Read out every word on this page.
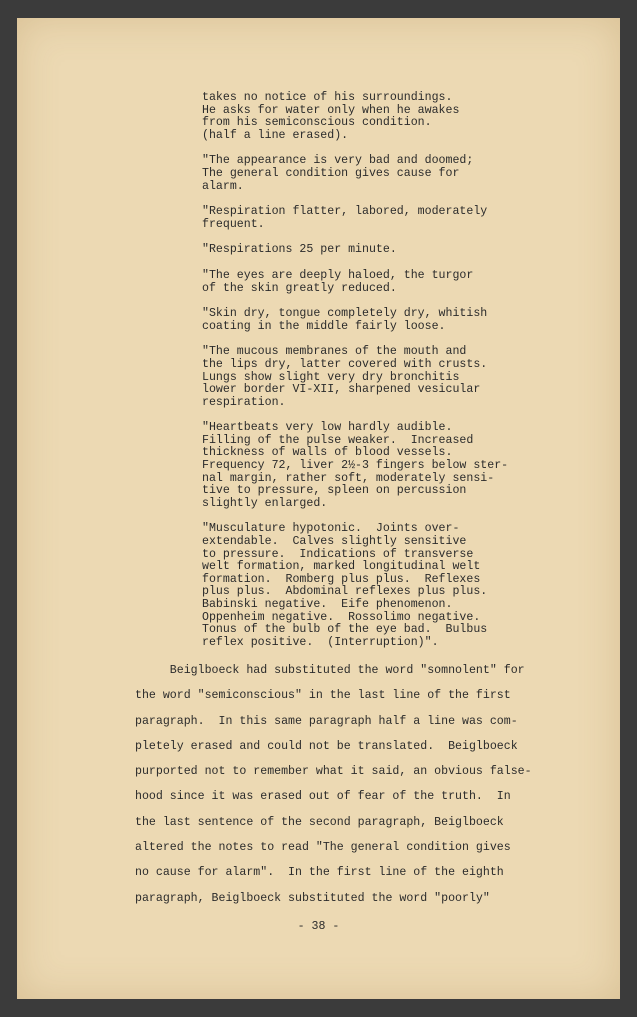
takes no notice of his surroundings.
He asks for water only when he awakes
from his semiconscious condition.
(half a line erased).

"The appearance is very bad and doomed;
The general condition gives cause for
alarm.

"Respiration flatter, labored, moderately
frequent.

"Respirations 25 per minute.

"The eyes are deeply haloed, the turgor
of the skin greatly reduced.

"Skin dry, tongue completely dry, whitish
coating in the middle fairly loose.

"The mucous membranes of the mouth and
the lips dry, latter covered with crusts.
Lungs show slight very dry bronchitis
lower border VI-XII, sharpened vesicular
respiration.

"Heartbeats very low hardly audible.
Filling of the pulse weaker.  Increased
thickness of walls of blood vessels.
Frequency 72, liver 2½-3 fingers below ster-
nal margin, rather soft, moderately sensi-
tive to pressure, spleen on percussion
slightly enlarged.

"Musculature hypotonic.  Joints over-
extendable.  Calves slightly sensitive
to pressure.  Indications of transverse
welt formation, marked longitudinal welt
formation.  Romberg plus plus.  Reflexes
plus plus.  Abdominal reflexes plus plus.
Babinski negative.  Eife phenomenon.
Oppenheim negative.  Rossolimo negative.
Tonus of the bulb of the eye bad.  Bulbus
reflex positive.  (Interruption)".

Beiglboeck had substituted the word "somnolent" for
the word "semiconscious" in the last line of the first
paragraph.  In this same paragraph half a line was com-
pletely erased and could not be translated.  Beiglboeck
purported not to remember what it said, an obvious false-
hood since it was erased out of fear of the truth.  In
the last sentence of the second paragraph, Beiglboeck
altered the notes to read "The general condition gives
no cause for alarm".  In the first line of the eighth
paragraph, Beiglboeck substituted the word "poorly"
- 38 -
